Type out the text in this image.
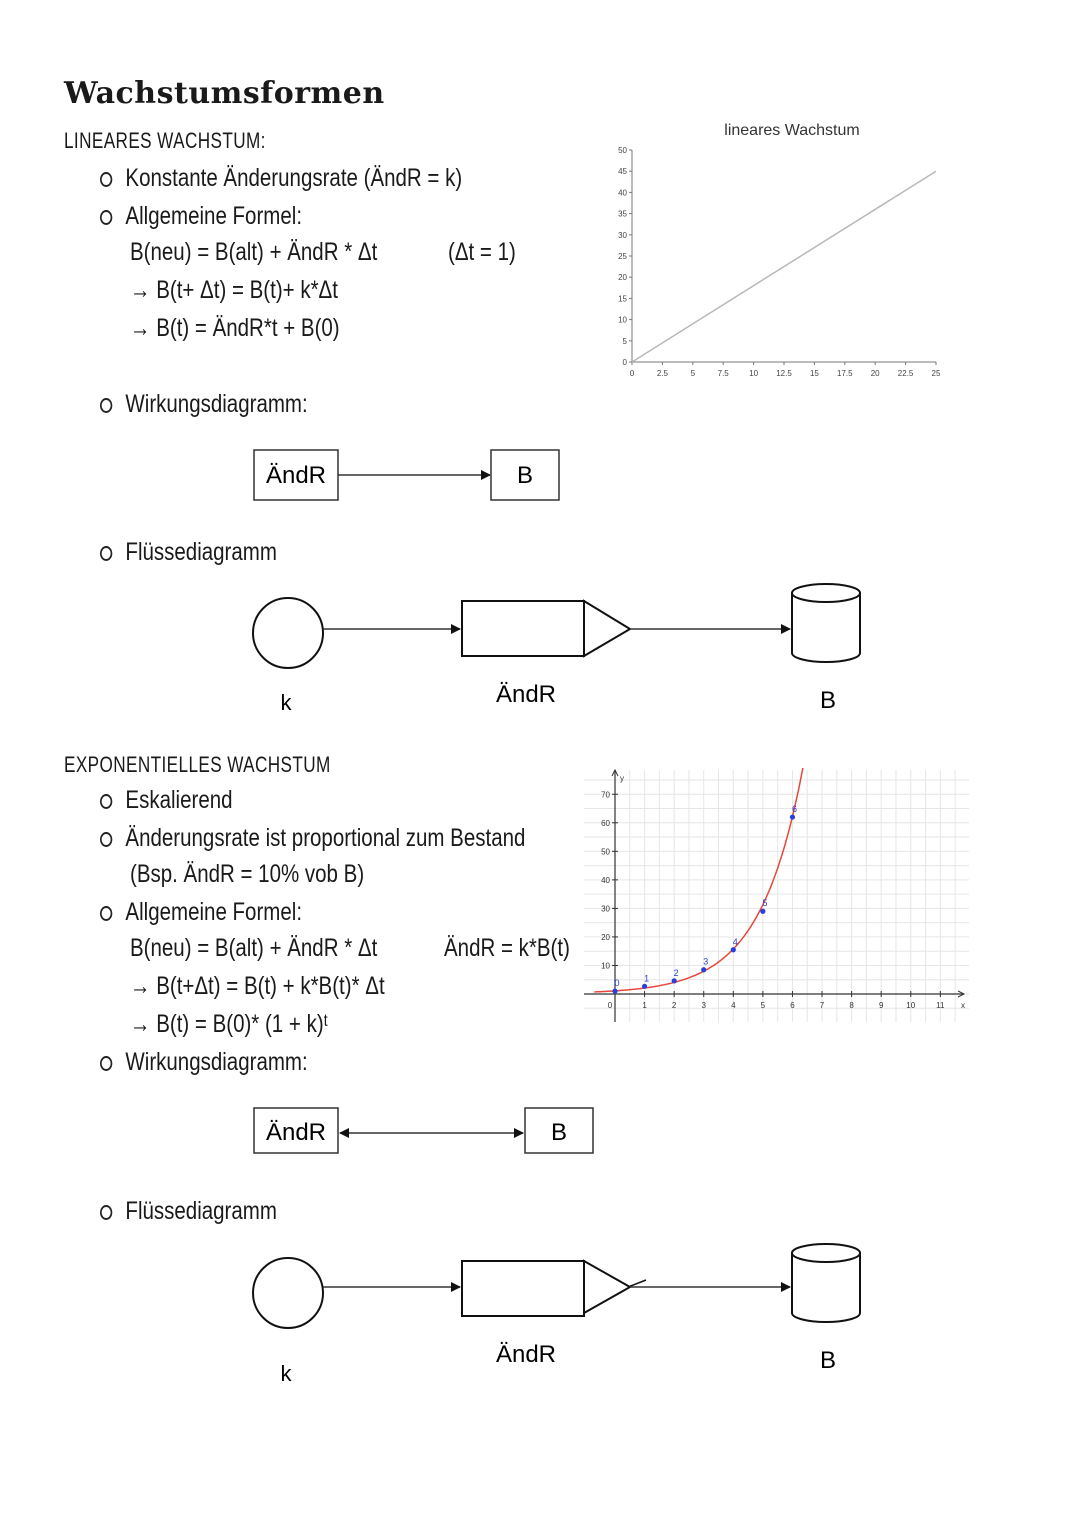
Wachstumsformen
LINEARES WACHSTUM:
Konstante Änderungsrate (ÄndR = k)
Allgemeine Formel:
B(neu) = B(alt) + ÄndR * Δt	(Δt = 1)
→ B(t+ Δt) = B(t)+ k*Δt
→ B(t) = ÄndR*t + B(0)
Wirkungsdiagramm:
ÄndR	B
Flüssediagramm
k	ÄndR	B
lineares Wachstum
0
5
10
15
20
25
30
35
40
45
50
0	2.5	5	7.5	10 12.5 15 17.5 20 22.5 25
EXPONENTIELLES WACHSTUM
Eskalierend
Änderungsrate ist proportional zum Bestand
(Bsp. ÄndR = 10% vob B)
Allgemeine Formel:
B(neu) = B(alt) + ÄndR * Δt	ÄndR = k*B(t)
→ B(t+Δt) = B(t) + k*B(t)* Δt
→ B(t) = B(0)* (1 + k)ᵗ
Wirkungsdiagramm:
ÄndR	B
Flüssediagramm
k
ÄndR	B
y
x
10
20
30
40
50
60
70
0	1	2	3	4	5	6	7	8	9	10	11
0	1
2
3
4
5
6
